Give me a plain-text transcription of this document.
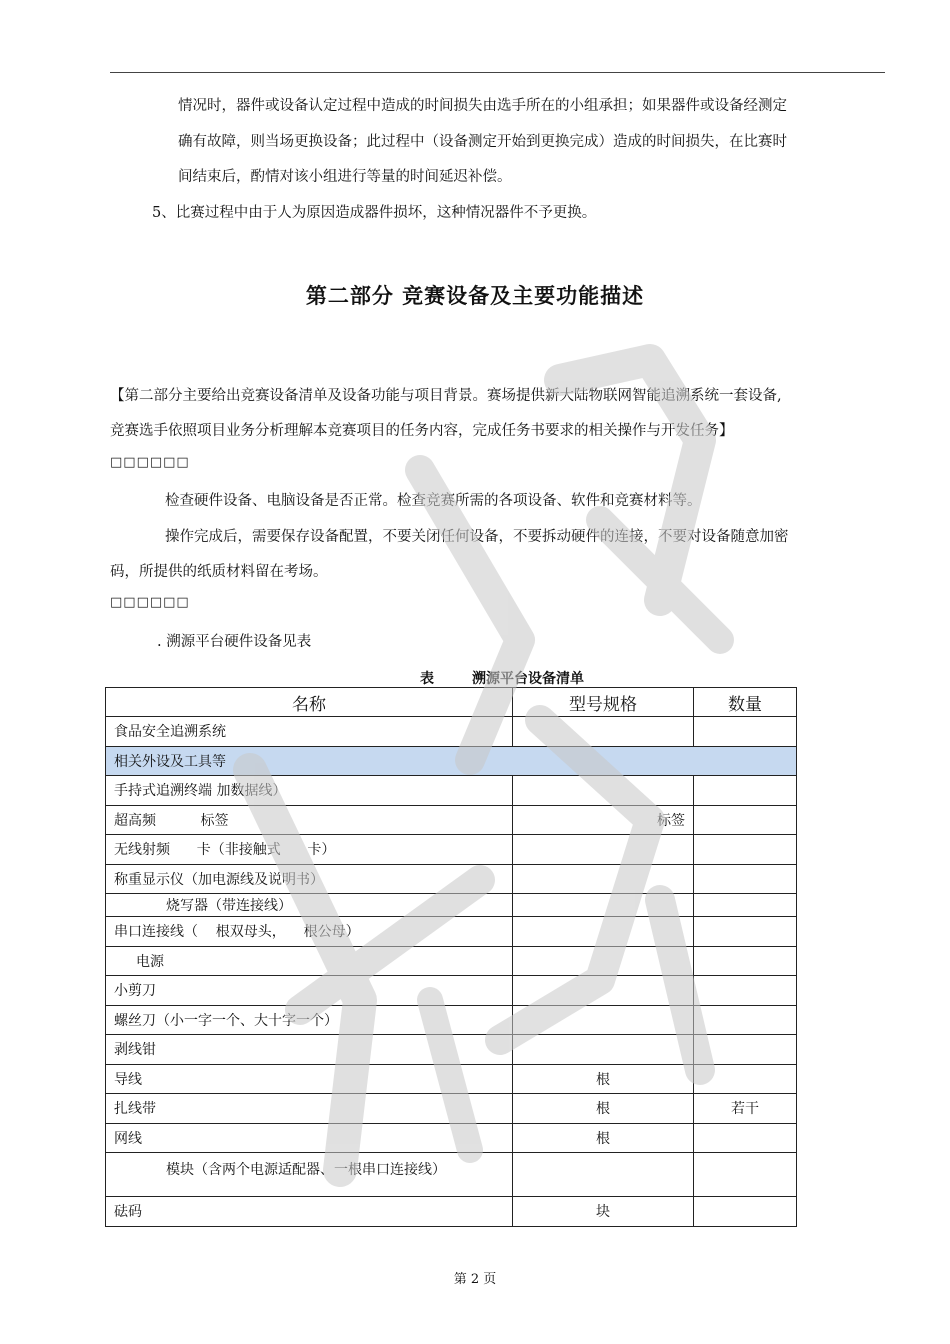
情况时，器件或设备认定过程中造成的时间损失由选手所在的小组承担；如果器件或设备经测定
确有故障，则当场更换设备；此过程中（设备测定开始到更换完成）造成的时间损失，在比赛时
间结束后，酌情对该小组进行等量的时间延迟补偿。
5、比赛过程中由于人为原因造成器件损坏，这种情况器件不予更换。
第二部分 竞赛设备及主要功能描述
【第二部分主要给出竞赛设备清单及设备功能与项目背景。赛场提供新大陆物联网智能追溯系统一套设备,
竞赛选手依照项目业务分析理解本竞赛项目的任务内容，完成任务书要求的相关操作与开发任务】
□□□□□□
检查硬件设备、电脑设备是否正常。检查竞赛所需的各项设备、软件和竞赛材料等。
操作完成后，需要保存设备配置，不要关闭任何设备，不要拆动硬件的连接，不要对设备随意加密
码，所提供的纸质材料留在考场。
□□□□□□
. 溯源平台硬件设备见表
表	溯源平台设备清单
名称	型号规格	数量
食品安全追溯系统		
相关外设及工具等		
手持式追溯终端 加数据线）		
超高频          标签	标签	
无线射频      卡（非接触式      卡）		
称重显示仪（加电源线及说明书）		
烧写器（带连接线）		
串口连接线（    根双母头，    根公母）		
电源		
小剪刀		
螺丝刀（小一字一个、大十字一个）		
剥线钳		
导线	根	
扎线带	根	若干
网线	根	
模块（含两个电源适配器、一根串口连接线）		
砝码	块	
第 2 页
